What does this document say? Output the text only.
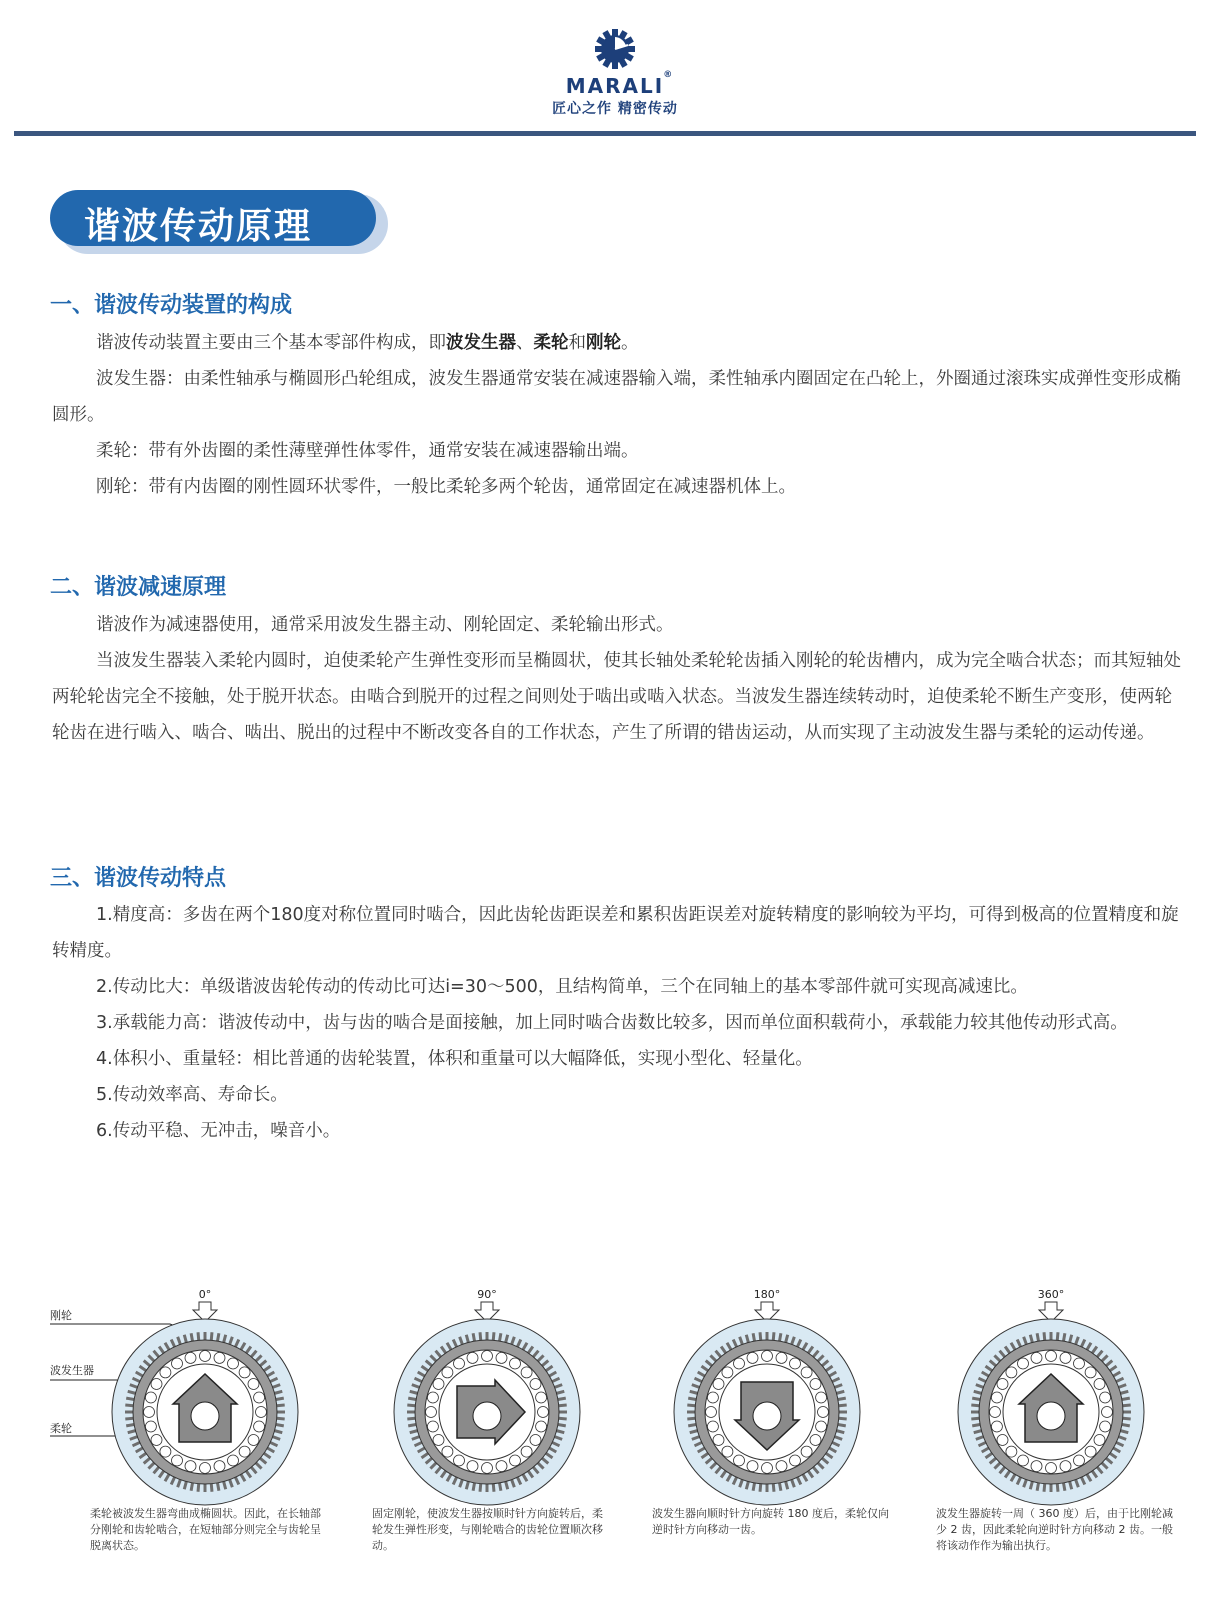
MARALI ®
匠心之作 精密传动
谐波传动原理
一、谐波传动装置的构成

谐波传动装置主要由三个基本零部件构成，即波发生器、柔轮和刚轮。

波发生器：由柔性轴承与椭圆形凸轮组成，波发生器通常安装在减速器输入端，柔性轴承内圈固定在凸轮上，外圈通过滚珠实成弹性变形成椭圆形。

柔轮：带有外齿圈的柔性薄壁弹性体零件，通常安装在减速器输出端。

刚轮：带有内齿圈的刚性圆环状零件，一般比柔轮多两个轮齿，通常固定在减速器机体上。

二、谐波减速原理

谐波作为减速器使用，通常采用波发生器主动、刚轮固定、柔轮输出形式。

当波发生器装入柔轮内圆时，迫使柔轮产生弹性变形而呈椭圆状，使其长轴处柔轮轮齿插入刚轮的轮齿槽内，成为完全啮合状态；而其短轴处两轮轮齿完全不接触，处于脱开状态。由啮合到脱开的过程之间则处于啮出或啮入状态。当波发生器连续转动时，迫使柔轮不断生产变形，使两轮轮齿在进行啮入、啮合、啮出、脱出的过程中不断改变各自的工作状态，产生了所谓的错齿运动，从而实现了主动波发生器与柔轮的运动传递。

三、谐波传动特点

1.精度高：多齿在两个180度对称位置同时啮合，因此齿轮齿距误差和累积齿距误差对旋转精度的影响较为平均，可得到极高的位置精度和旋转精度。

2.传动比大：单级谐波齿轮传动的传动比可达i=30～500，且结构简单，三个在同轴上的基本零部件就可实现高减速比。

3.承载能力高：谐波传动中，齿与齿的啮合是面接触，加上同时啮合齿数比较多，因而单位面积载荷小，承载能力较其他传动形式高。

4.体积小、重量轻：相比普通的齿轮装置，体积和重量可以大幅降低，实现小型化、轻量化。

5.传动效率高、寿命长。

6.传动平稳、无冲击，噪音小。

刚轮
波发生器
柔轮
0°
柔轮被波发生器弯曲成椭圆状。因此，在长轴部分刚轮和齿轮啮合，在短轴部分则完全与齿轮呈脱离状态。
90°
固定刚轮，使波发生器按顺时针方向旋转后，柔轮发生弹性形变，与刚轮啮合的齿轮位置顺次移动。
180°
波发生器向顺时针方向旋转 180 度后，柔轮仅向逆时针方向移动一齿。
360°
波发生器旋转一周（ 360 度）后，由于比刚轮减少 2 齿，因此柔轮向逆时针方向移动 2 齿。一般将该动作作为输出执行。
